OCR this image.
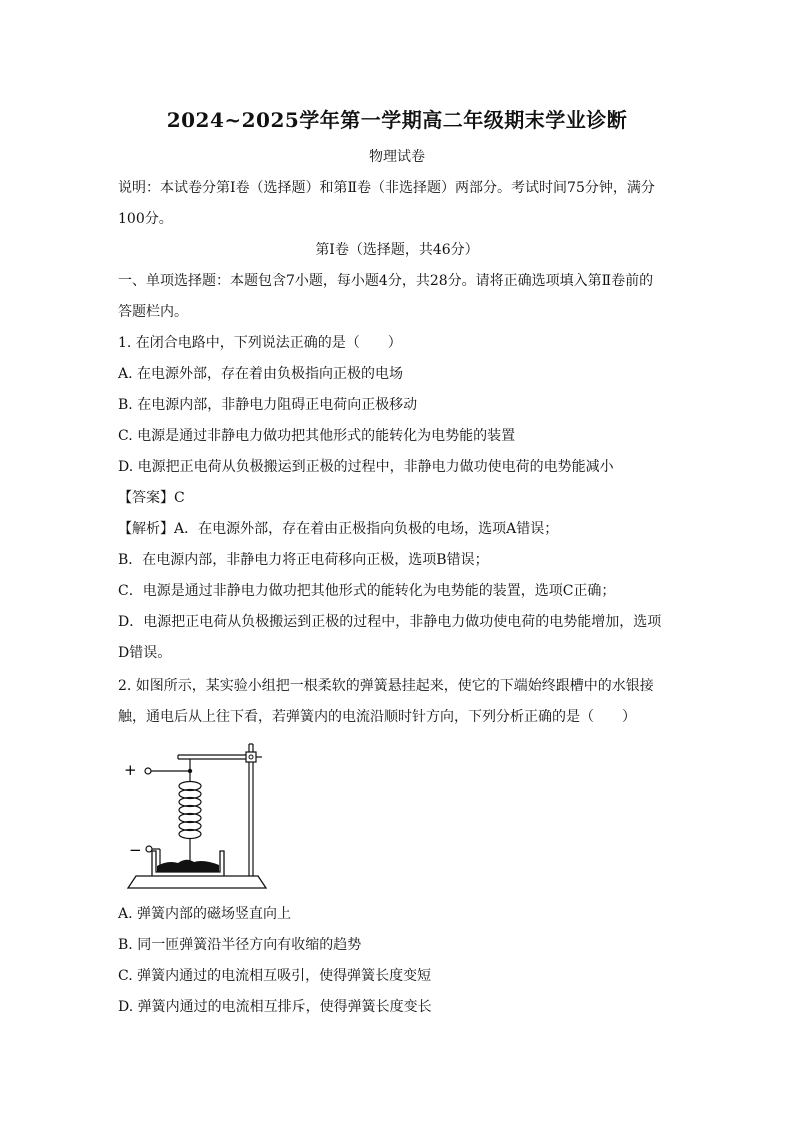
2024~2025学年第一学期高二年级期末学业诊断
物理试卷
说明：本试卷分第Ⅰ卷（选择题）和第Ⅱ卷（非选择题）两部分。考试时间75分钟，满分
100分。
第Ⅰ卷（选择题，共46分）
一、单项选择题：本题包含7小题，每小题4分，共28分。请将正确选项填入第Ⅱ卷前的
答题栏内。
1. 在闭合电路中，下列说法正确的是（　　）
A. 在电源外部，存在着由负极指向正极的电场
B. 在电源内部，非静电力阻碍正电荷向正极移动
C. 电源是通过非静电力做功把其他形式的能转化为电势能的装置
D. 电源把正电荷从负极搬运到正极的过程中，非静电力做功使电荷的电势能减小
【答案】C
【解析】A．在电源外部，存在着由正极指向负极的电场，选项A错误；
B．在电源内部，非静电力将正电荷移向正极，选项B错误；
C．电源是通过非静电力做功把其他形式的能转化为电势能的装置，选项C正确；
D．电源把正电荷从负极搬运到正极的过程中，非静电力做功使电荷的电势能增加，选项
D错误。
2. 如图所示，某实验小组把一根柔软的弹簧悬挂起来，使它的下端始终跟槽中的水银接
触，通电后从上往下看，若弹簧内的电流沿顺时针方向，下列分析正确的是（　　）
+
−
A. 弹簧内部的磁场竖直向上
B. 同一匝弹簧沿半径方向有收缩的趋势
C. 弹簧内通过的电流相互吸引，使得弹簧长度变短
D. 弹簧内通过的电流相互排斥，使得弹簧长度变长
